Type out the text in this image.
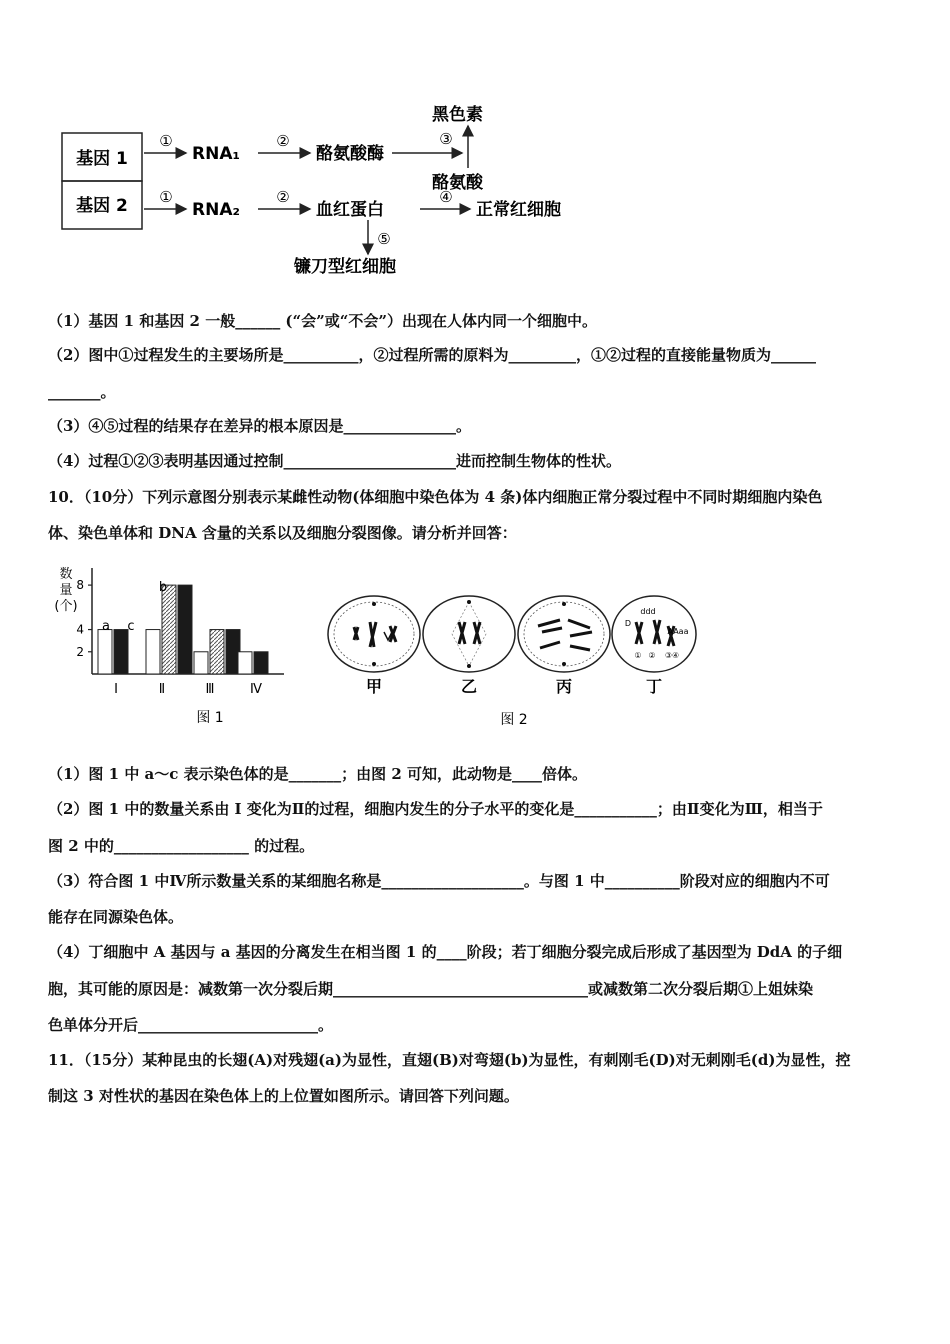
基因 1
基因 2
①
RNA₁
②
酪氨酸酶
③
黑色素
酪氨酸
①
RNA₂
②
血红蛋白
④
正常红细胞
⑤
镰刀型红细胞
（1）基因 1 和基因 2 一般______ (“会”或“不会”）出现在人体内同一个细胞中。
（2）图中①过程发生的主要场所是__________，②过程所需的原料为_________，①②过程的直接能量物质为______
_______。
（3）④⑤过程的结果存在差异的根本原因是_______________。
（4）过程①②③表明基因通过控制_______________________进而控制生物体的性状。
10．（10分）下列示意图分别表示某雌性动物(体细胞中染色体为 4 条)体内细胞正常分裂过程中不同时期细胞内染色
体、染色单体和 DNA 含量的关系以及细胞分裂图像。请分析并回答：
数
量
(个)
2
4
8
I	Ⅱ	Ⅲ	Ⅳ
a c
b
图 1
甲	乙	丙
ddd
D
AAaa
① ② ③④
丁
图 2
（1）图 1 中 a～c 表示染色体的是_______；由图 2 可知，此动物是____倍体。
（2）图 1 中的数量关系由 I 变化为Ⅱ的过程，细胞内发生的分子水平的变化是___________；由Ⅱ变化为Ⅲ，相当于
图 2 中的__________________ 的过程。
（3）符合图 1 中Ⅳ所示数量关系的某细胞名称是___________________。与图 1 中__________阶段对应的细胞内不可
能存在同源染色体。
（4）丁细胞中 A 基因与 a 基因的分离发生在相当图 1 的____阶段；若丁细胞分裂完成后形成了基因型为 DdA 的子细
胞，其可能的原因是：减数第一次分裂后期__________________________________或减数第二次分裂后期①上姐妹染
色单体分开后________________________。
11．（15分）某种昆虫的长翅(A)对残翅(a)为显性，直翅(B)对弯翅(b)为显性，有刺刚毛(D)对无刺刚毛(d)为显性，控
制这 3 对性状的基因在染色体上的上位置如图所示。请回答下列问题。
